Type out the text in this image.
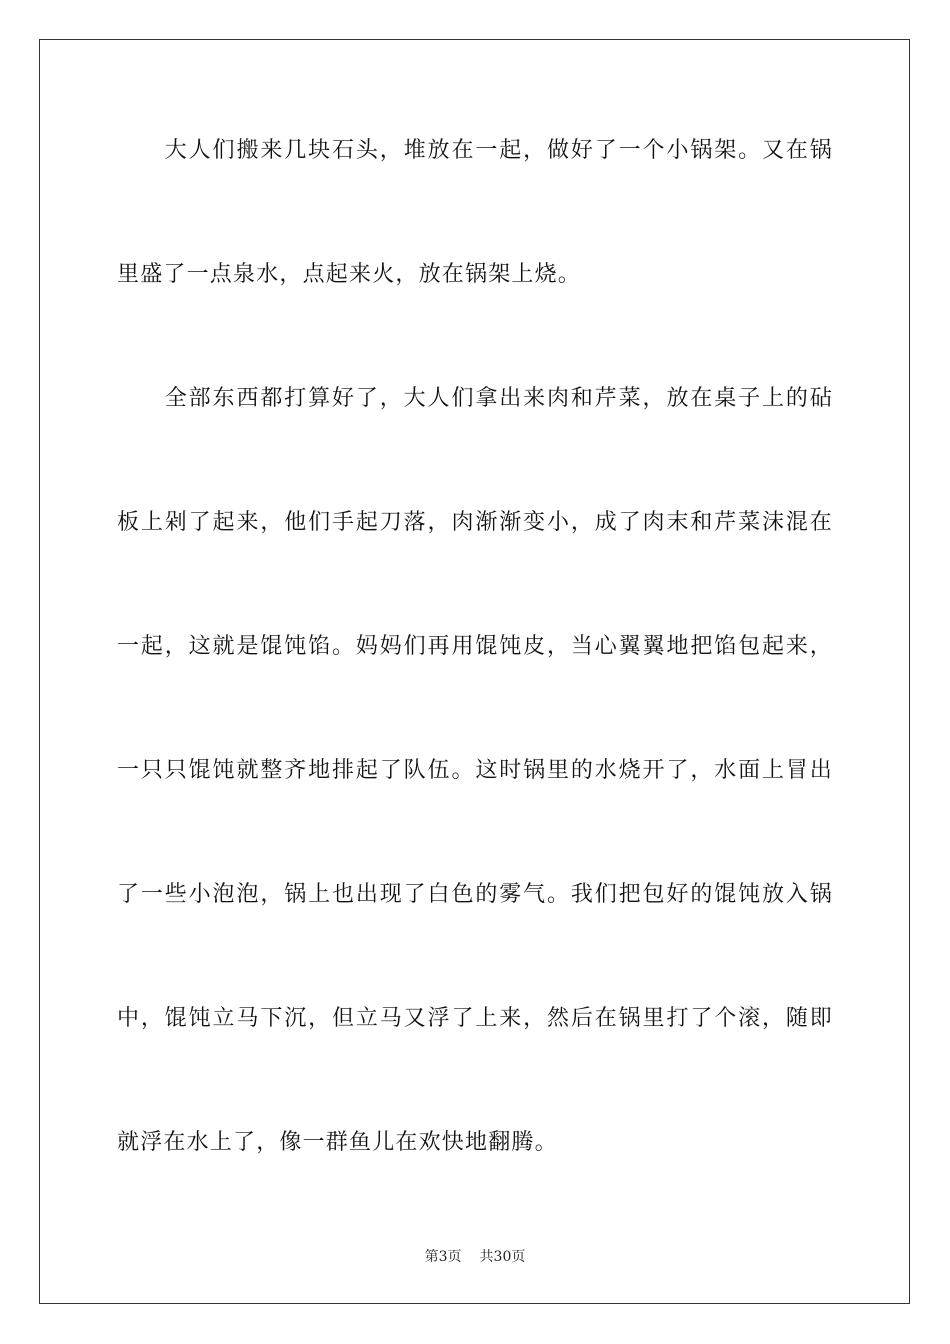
　　大人们搬来几块石头，堆放在一起，做好了一个小锅架。又在锅
里盛了一点泉水，点起来火，放在锅架上烧。
　　全部东西都打算好了，大人们拿出来肉和芹菜，放在桌子上的砧
板上剁了起来，他们手起刀落，肉渐渐变小，成了肉末和芹菜沫混在
一起，这就是馄饨馅。妈妈们再用馄饨皮，当心翼翼地把馅包起来，
一只只馄饨就整齐地排起了队伍。这时锅里的水烧开了，水面上冒出
了一些小泡泡，锅上也出现了白色的雾气。我们把包好的馄饨放入锅
中，馄饨立马下沉，但立马又浮了上来，然后在锅里打了个滚，随即
就浮在水上了，像一群鱼儿在欢快地翻腾。
第3页 共30页
